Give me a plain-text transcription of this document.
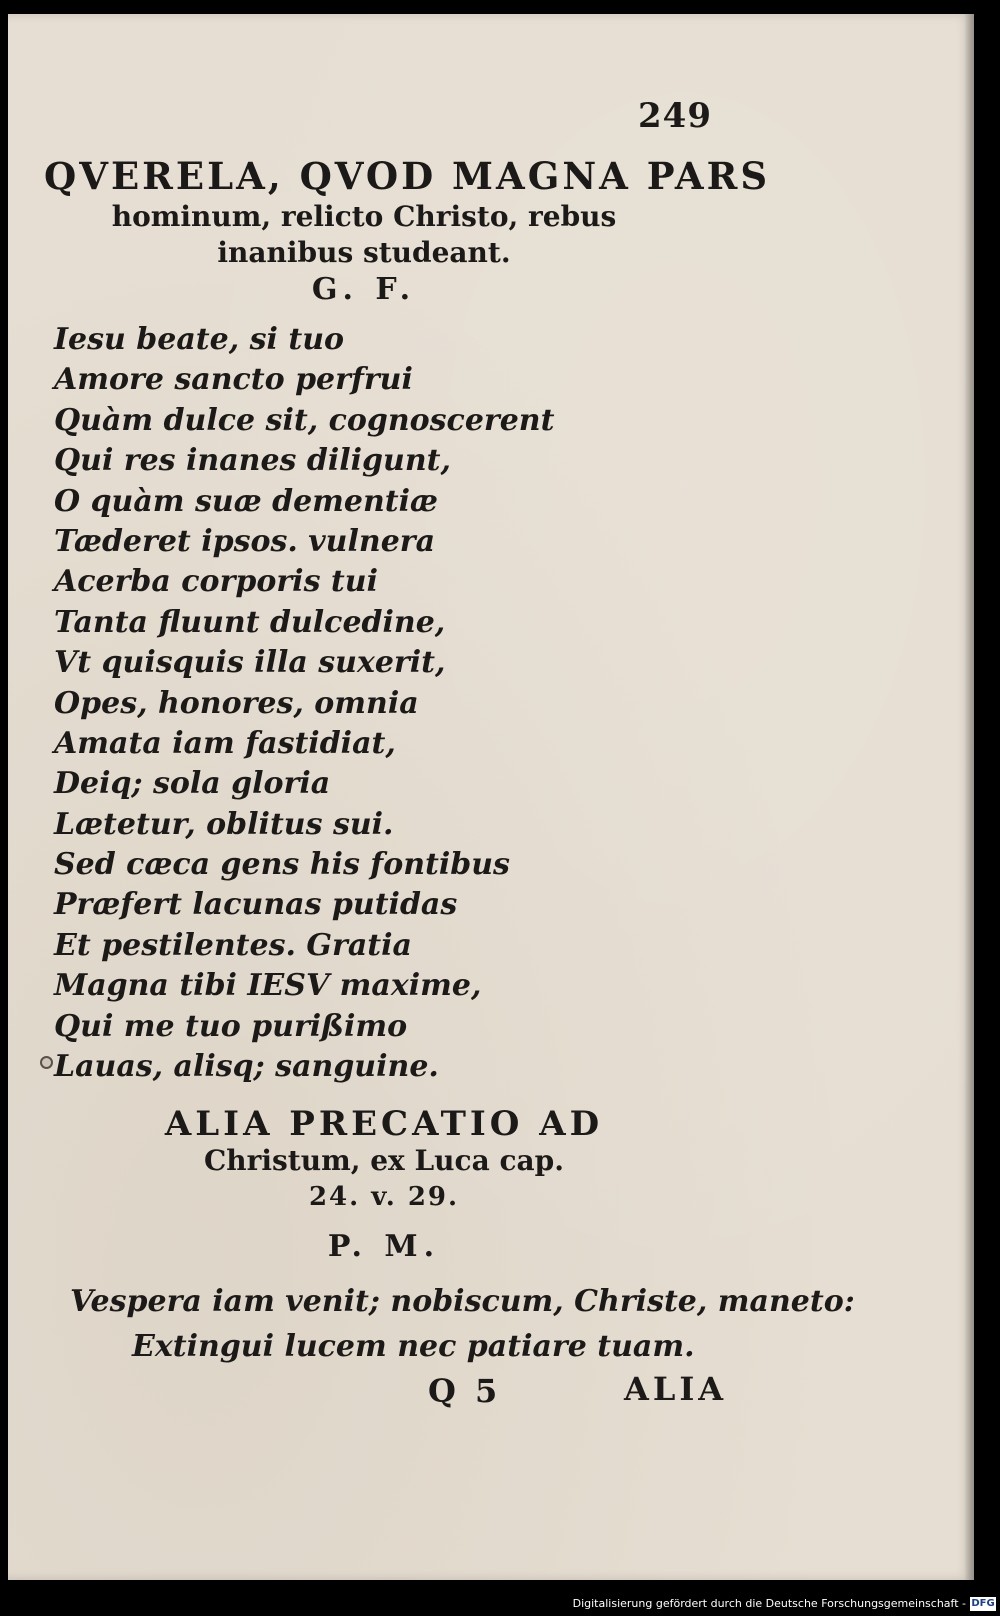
249
QVERELA, QVOD MAGNA PARS
hominum, relicto Christo, rebus
inanibus studeant.
G. F.
Iesu beate, si tuo
Amore sancto perfrui
Quàm dulce sit, cognoscerent
Qui res inanes diligunt,
O quàm suæ dementiæ
Tæderet ipsos. vulnera
Acerba corporis tui
Tanta fluunt dulcedine,
Vt quisquis illa suxerit,
Opes, honores, omnia
Amata iam fastidiat,
Deiq; sola gloria
Lætetur, oblitus sui.
Sed cæca gens his fontibus
Præfert lacunas putidas
Et pestilentes. Gratia
Magna tibi IESV maxime,
Qui me tuo purißimo
Lauas, alisq; sanguine.
ALIA PRECATIO AD
Christum, ex Luca cap.
24. v. 29.
P. M.

Vespera iam venit; nobiscum, Christe, maneto:

Extingui lucem nec patiare tuam.

Q 5	ALIA
Digitalisierung gefördert durch die Deutsche Forschungsgemeinschaft - DFG
